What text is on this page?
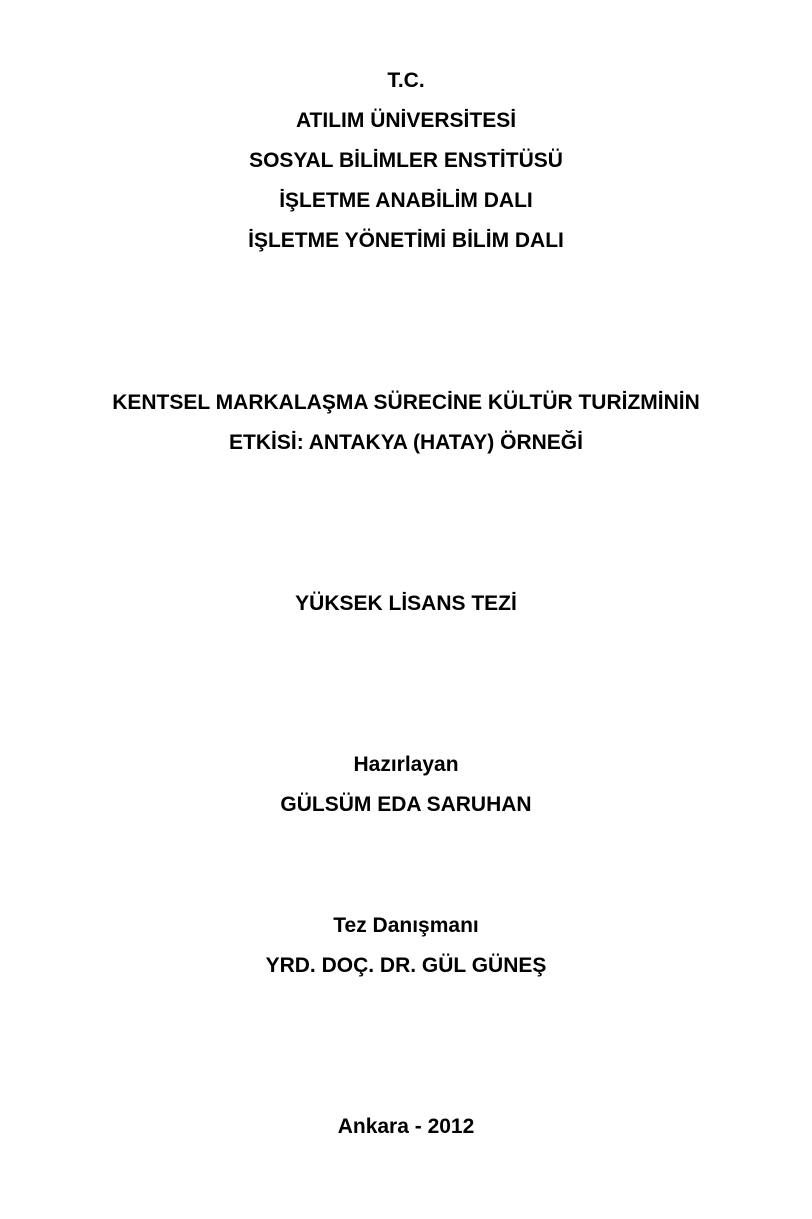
T.C.
ATILIM ÜNİVERSİTESİ
SOSYAL BİLİMLER ENSTİTÜSÜ
İŞLETME ANABİLİM DALI
İŞLETME YÖNETİMİ BİLİM DALI
KENTSEL MARKALAŞMA SÜRECİNE KÜLTÜR TURİZMİNİN
ETKİSİ: ANTAKYA (HATAY) ÖRNEĞİ
YÜKSEK LİSANS TEZİ
Hazırlayan
GÜLSÜM EDA SARUHAN
Tez Danışmanı
YRD. DOÇ. DR. GÜL GÜNEŞ
Ankara - 2012
